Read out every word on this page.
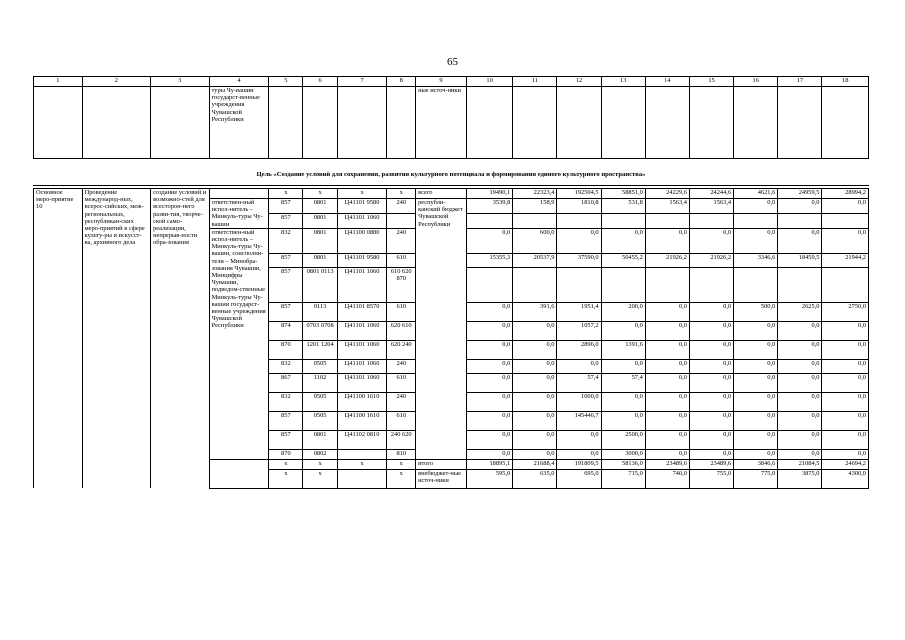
65
1	2	3	4	5	6	7	8	9	10	11	12	13	14	15	16	17	18
			туры Чу-вашии государст-венные учреждения Чувашской Республики					ные источ-ники									
Цель «Создание условий для сохранения, развития культурного потенциала и формирования единого культурного пространства»
Основное меро-приятие 10	Проведение международ-ных, всерос-сийских, меж-региональных, республикан-ских меро-приятий в сфере культу-ры и искусст-ва, архивного дела	создание условий и возможно-стей для всесторон-него разви-тия, творче-ской само-реализации, непрерыв-ности обра-зования		x	x	x	x	всего	19490,1	22323,4	192504,5	58851,0	24229,6	24244,6	4621,6	24959,5	28994,2
			ответствен-ный испол-нитель – Минкуль-туры Чу-вашии	857	0801	Ц41101 9580	240	республи-канский бюджет Чувашской Республики	3539,8	158,9	1810,8	531,8	1563,4	1563,4	0,0	0,0	0,0
				857	0801	Ц41101 1060											
			ответствен-ный испол-нитель – Минкуль-туры Чу-вашии, соисполни-тели – Минобра-зования Чувашии, Минцифры Чувашии, подведом-ственные Минкуль-туры Чу-вашии государст-венные учреждения Чувашской Республики	832	0801	Ц41100 0880	240		0,0	600,0	0,0	0,0	0,0	0,0	0,0	0,0	0,0
				857	0801	Ц41101 9580	610		15355,3	20537,9	37590,0	50455,2	21926,2	21926,2	3346,6	18459,5	21944,2
				857	0801 0113	Ц41101 1060	610 620 870										
				857	0113	Ц41101 8570	610		0,0	391,6	1951,4	200,0	0,0	0,0	500,0	2625,0	2750,0
				874	0703 0708	Ц41101 1060	620 610		0,0	0,0	1057,2	0,0	0,0	0,0	0,0	0,0	0,0
				870	1201 1204	Ц41101 1060	620 240		0,0	0,0	2896,0	1391,6	0,0	0,0	0,0	0,0	0,0
				832	0505	Ц41101 1060	240		0,0	0,0	0,0	0,0	0,0	0,0	0,0	0,0	0,0
				867	1102	Ц41101 1060	610		0,0	0,0	57,4	57,4	0,0	0,0	0,0	0,0	0,0
				832	0505	Ц41100 1610	240		0,0	0,0	1000,0	0,0	0,0	0,0	0,0	0,0	0,0
				857	0505	Ц41100 1610	610		0,0	0,0	145446,7	0,0	0,0	0,0	0,0	0,0	0,0
				857	0801	Ц41102 0810	240 620		0,0	0,0	0,0	2500,0	0,0	0,0	0,0	0,0	0,0
				870	0802		810		0,0	0,0	0,0	3000,0	0,0	0,0	0,0	0,0	0,0
				x	x	x	x	итого	18895,1	21688,4	191809,5	58136,0	23489,6	23489,6	3846,6	21084,5	24694,2
				x	x		x	внебюджет-ные источ-ники	595,0	635,0	695,0	715,0	740,0	755,0	775,0	3875,0	4300,0
